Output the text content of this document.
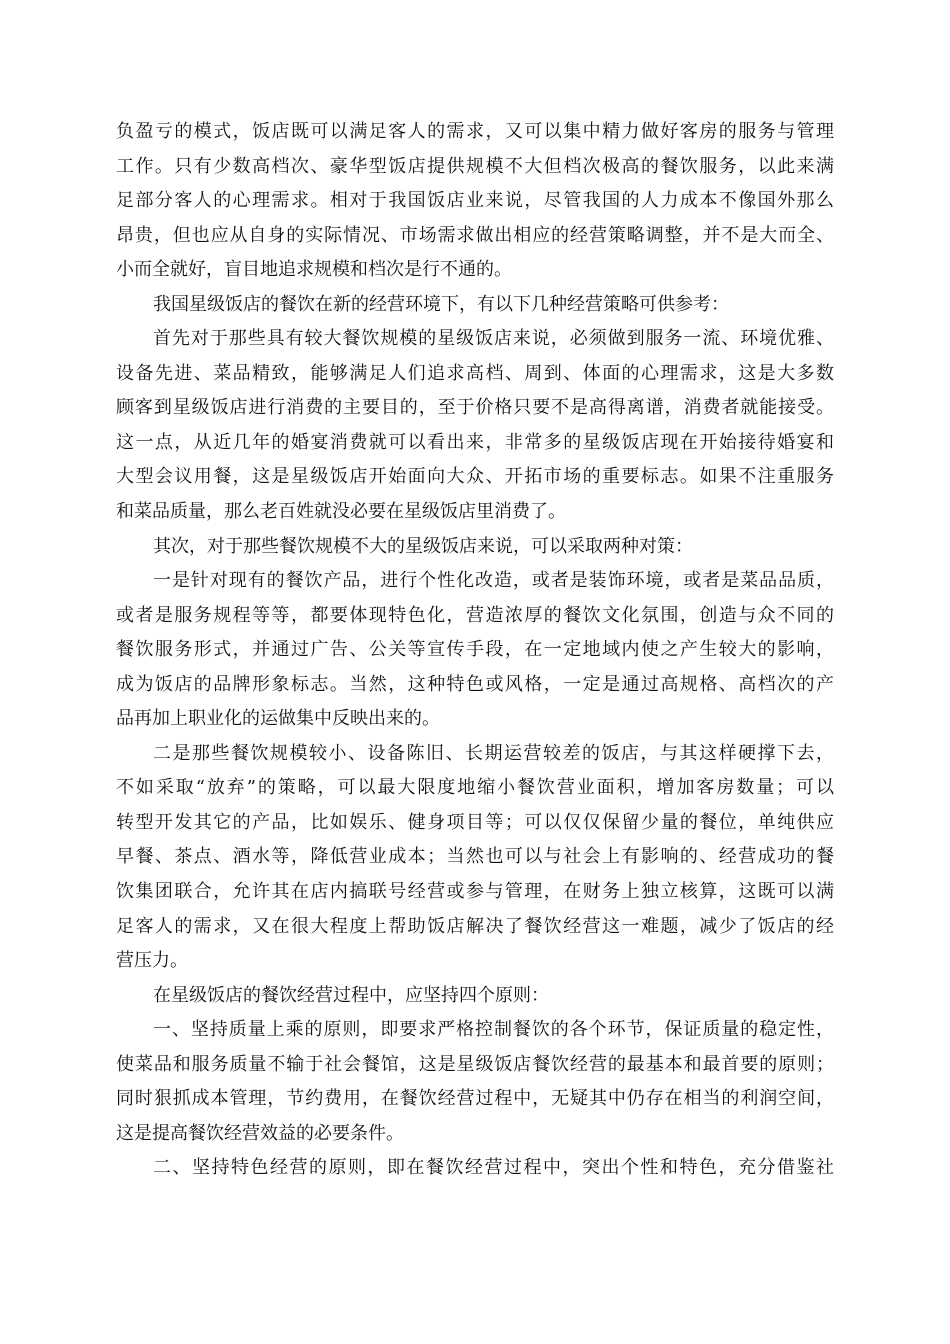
负盈亏的模式，饭店既可以满足客人的需求，又可以集中精力做好客房的服务与管理
工作。只有少数高档次、豪华型饭店提供规模不大但档次极高的餐饮服务，以此来满
足部分客人的心理需求。相对于我国饭店业来说，尽管我国的人力成本不像国外那么
昂贵，但也应从自身的实际情况、市场需求做出相应的经营策略调整，并不是大而全、
小而全就好，盲目地追求规模和档次是行不通的。
我国星级饭店的餐饮在新的经营环境下，有以下几种经营策略可供参考：
首先对于那些具有较大餐饮规模的星级饭店来说，必须做到服务一流、环境优雅、
设备先进、菜品精致，能够满足人们追求高档、周到、体面的心理需求，这是大多数
顾客到星级饭店进行消费的主要目的，至于价格只要不是高得离谱，消费者就能接受。
这一点，从近几年的婚宴消费就可以看出来，非常多的星级饭店现在开始接待婚宴和
大型会议用餐，这是星级饭店开始面向大众、开拓市场的重要标志。如果不注重服务
和菜品质量，那么老百姓就没必要在星级饭店里消费了。
其次，对于那些餐饮规模不大的星级饭店来说，可以采取两种对策：
一是针对现有的餐饮产品，进行个性化改造，或者是装饰环境，或者是菜品品质，
或者是服务规程等等，都要体现特色化，营造浓厚的餐饮文化氛围，创造与众不同的
餐饮服务形式，并通过广告、公关等宣传手段，在一定地域内使之产生较大的影响，
成为饭店的品牌形象标志。当然，这种特色或风格，一定是通过高规格、高档次的产
品再加上职业化的运做集中反映出来的。
二是那些餐饮规模较小、设备陈旧、长期运营较差的饭店，与其这样硬撑下去，
不如采取“放弃”的策略，可以最大限度地缩小餐饮营业面积，增加客房数量；可以
转型开发其它的产品，比如娱乐、健身项目等；可以仅仅保留少量的餐位，单纯供应
早餐、茶点、酒水等，降低营业成本；当然也可以与社会上有影响的、经营成功的餐
饮集团联合，允许其在店内搞联号经营或参与管理，在财务上独立核算，这既可以满
足客人的需求，又在很大程度上帮助饭店解决了餐饮经营这一难题，减少了饭店的经
营压力。
在星级饭店的餐饮经营过程中，应坚持四个原则：
一、坚持质量上乘的原则，即要求严格控制餐饮的各个环节，保证质量的稳定性，
使菜品和服务质量不输于社会餐馆，这是星级饭店餐饮经营的最基本和最首要的原则；
同时狠抓成本管理，节约费用，在餐饮经营过程中，无疑其中仍存在相当的利润空间，
这是提高餐饮经营效益的必要条件。
二、坚持特色经营的原则，即在餐饮经营过程中，突出个性和特色，充分借鉴社
